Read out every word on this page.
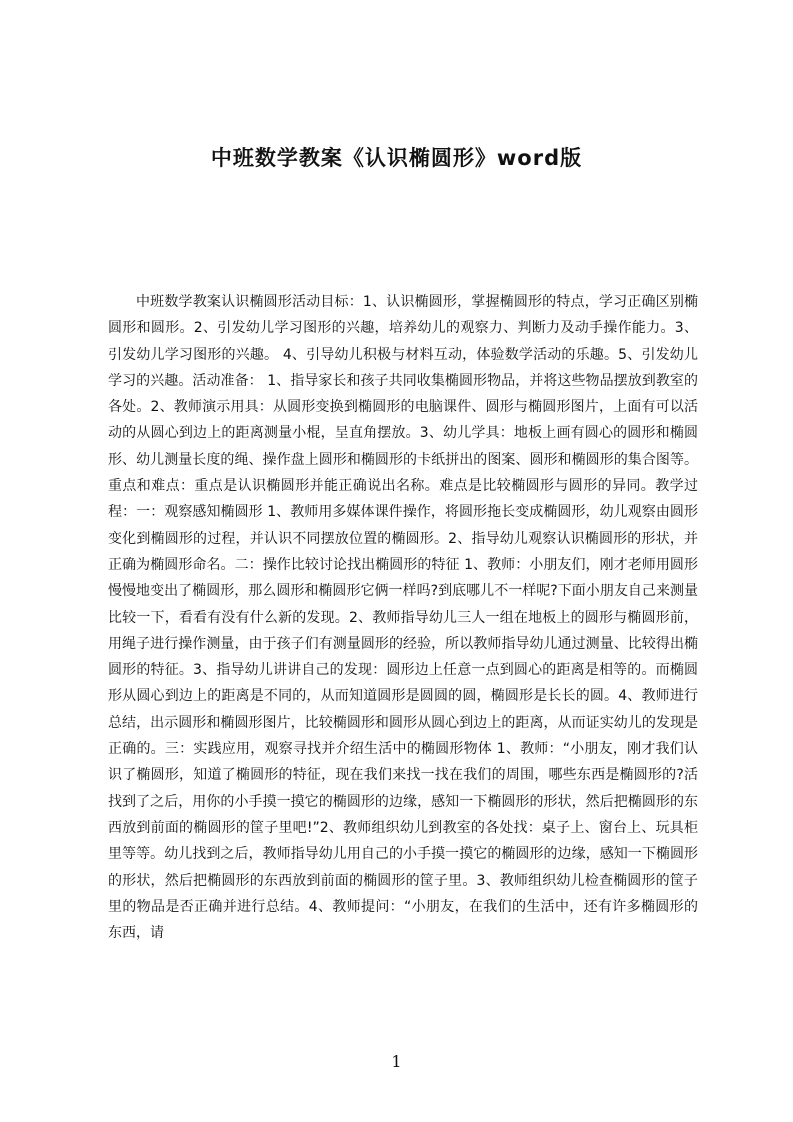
中班数学教案《认识椭圆形》word版

中班数学教案认识椭圆形活动目标：1、认识椭圆形，掌握椭圆形的特点，学习正确区别椭圆形和圆形。2、引发幼儿学习图形的兴趣，培养幼儿的观察力、判断力及动手操作能力。3、引发幼儿学习图形的兴趣。 4、引导幼儿积极与材料互动，体验数学活动的乐趣。5、引发幼儿学习的兴趣。活动准备： 1、指导家长和孩子共同收集椭圆形物品，并将这些物品摆放到教室的各处。2、教师演示用具：从圆形变换到椭圆形的电脑课件、圆形与椭圆形图片，上面有可以活动的从圆心到边上的距离测量小棍，呈直角摆放。3、幼儿学具：地板上画有圆心的圆形和椭圆形、幼儿测量长度的绳、操作盘上圆形和椭圆形的卡纸拼出的图案、圆形和椭圆形的集合图等。重点和难点：重点是认识椭圆形并能正确说出名称。难点是比较椭圆形与圆形的异同。教学过程：一：观察感知椭圆形 1、教师用多媒体课件操作，将圆形拖长变成椭圆形，幼儿观察由圆形变化到椭圆形的过程，并认识不同摆放位置的椭圆形。2、指导幼儿观察认识椭圆形的形状，并正确为椭圆形命名。二：操作比较讨论找出椭圆形的特征 1、教师：小朋友们，刚才老师用圆形慢慢地变出了椭圆形，那么圆形和椭圆形它俩一样吗?到底哪儿不一样呢?下面小朋友自己来测量比较一下，看看有没有什么新的发现。2、教师指导幼儿三人一组在地板上的圆形与椭圆形前，用绳子进行操作测量，由于孩子们有测量圆形的经验，所以教师指导幼儿通过测量、比较得出椭圆形的特征。3、指导幼儿讲讲自己的发现：圆形边上任意一点到圆心的距离是相等的。而椭圆形从圆心到边上的距离是不同的，从而知道圆形是圆圆的圆，椭圆形是长长的圆。4、教师进行总结，出示圆形和椭圆形图片，比较椭圆形和圆形从圆心到边上的距离，从而证实幼儿的发现是正确的。三：实践应用，观察寻找并介绍生活中的椭圆形物体 1、教师：“小朋友，刚才我们认识了椭圆形，知道了椭圆形的特征，现在我们来找一找在我们的周围，哪些东西是椭圆形的?活找到了之后，用你的小手摸一摸它的椭圆形的边缘，感知一下椭圆形的形状，然后把椭圆形的东西放到前面的椭圆形的筐子里吧!”2、教师组织幼儿到教室的各处找：桌子上、窗台上、玩具柜里等等。幼儿找到之后，教师指导幼儿用自己的小手摸一摸它的椭圆形的边缘，感知一下椭圆形的形状，然后把椭圆形的东西放到前面的椭圆形的筐子里。3、教师组织幼儿检查椭圆形的筐子里的物品是否正确并进行总结。4、教师提问：“小朋友，在我们的生活中，还有许多椭圆形的东西，请

1
